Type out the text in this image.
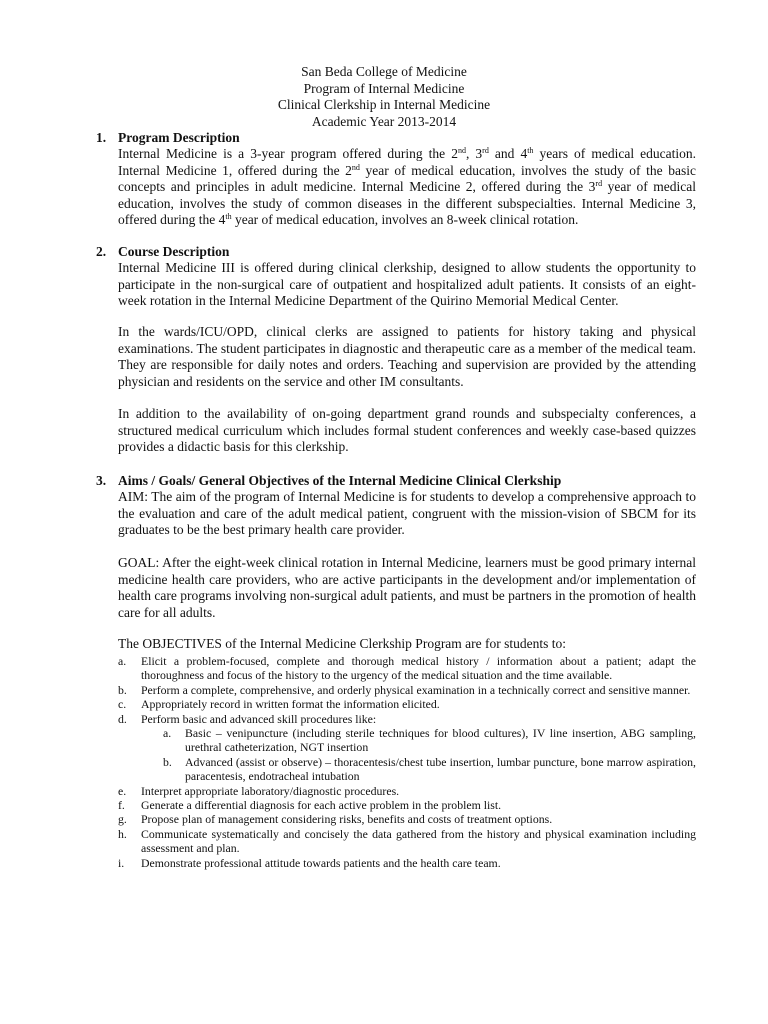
San Beda College of Medicine
Program of Internal Medicine
Clinical Clerkship in Internal Medicine
Academic Year 2013-2014
1. Program Description
Internal Medicine is a 3-year program offered during the 2nd, 3rd and 4th years of medical education. Internal Medicine 1, offered during the 2nd year of medical education, involves the study of the basic concepts and principles in adult medicine. Internal Medicine 2, offered during the 3rd year of medical education, involves the study of common diseases in the different subspecialties. Internal Medicine 3, offered during the 4th year of medical education, involves an 8-week clinical rotation.
2. Course Description
Internal Medicine III is offered during clinical clerkship, designed to allow students the opportunity to participate in the non-surgical care of outpatient and hospitalized adult patients. It consists of an eight-week rotation in the Internal Medicine Department of the Quirino Memorial Medical Center.
In the wards/ICU/OPD, clinical clerks are assigned to patients for history taking and physical examinations. The student participates in diagnostic and therapeutic care as a member of the medical team. They are responsible for daily notes and orders. Teaching and supervision are provided by the attending physician and residents on the service and other IM consultants.
In addition to the availability of on-going department grand rounds and subspecialty conferences, a structured medical curriculum which includes formal student conferences and weekly case-based quizzes provides a didactic basis for this clerkship.
3. Aims / Goals/ General Objectives of the Internal Medicine Clinical Clerkship
AIM: The aim of the program of Internal Medicine is for students to develop a comprehensive approach to the evaluation and care of the adult medical patient, congruent with the mission-vision of SBCM for its graduates to be the best primary health care provider.
GOAL: After the eight-week clinical rotation in Internal Medicine, learners must be good primary internal medicine health care providers, who are active participants in the development and/or implementation of health care programs involving non-surgical adult patients, and must be partners in the promotion of health care for all adults.
The OBJECTIVES of the Internal Medicine Clerkship Program are for students to:
a. Elicit a problem-focused, complete and thorough medical history / information about a patient; adapt the thoroughness and focus of the history to the urgency of the medical situation and the time available.
b. Perform a complete, comprehensive, and orderly physical examination in a technically correct and sensitive manner.
c. Appropriately record in written format the information elicited.
d. Perform basic and advanced skill procedures like:
a. Basic – venipuncture (including sterile techniques for blood cultures), IV line insertion, ABG sampling, urethral catheterization, NGT insertion
b. Advanced (assist or observe) – thoracentesis/chest tube insertion, lumbar puncture, bone marrow aspiration, paracentesis, endotracheal intubation
e. Interpret appropriate laboratory/diagnostic procedures.
f. Generate a differential diagnosis for each active problem in the problem list.
g. Propose plan of management considering risks, benefits and costs of treatment options.
h. Communicate systematically and concisely the data gathered from the history and physical examination including assessment and plan.
i. Demonstrate professional attitude towards patients and the health care team.
